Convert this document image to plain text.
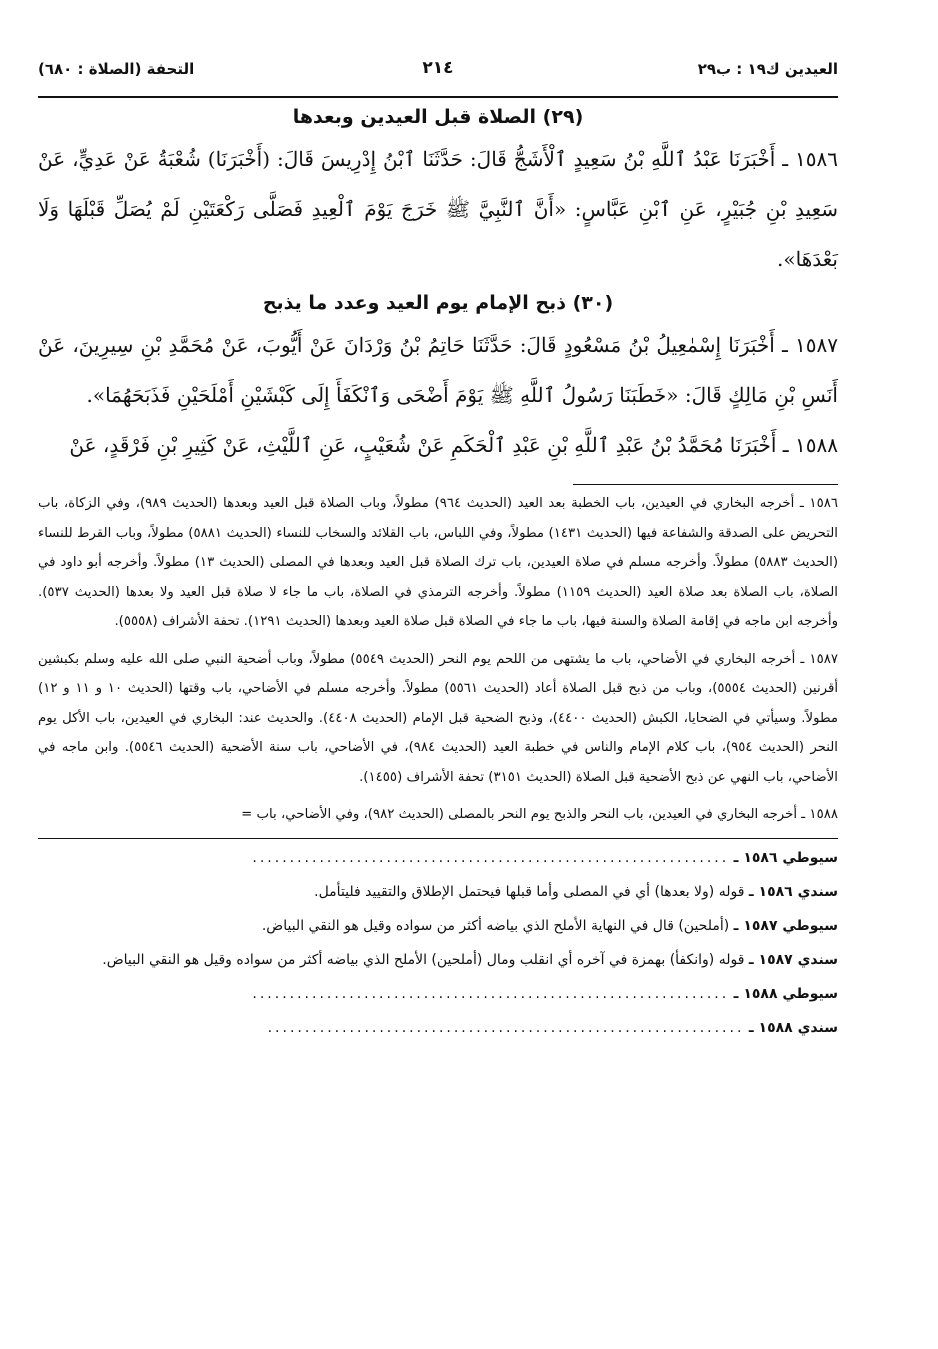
العيدين ك١٩ : ب٢٩
٢١٤
التحفة (الصلاة : ٦٨٠)
(٢٩) الصلاة قبل العيدين وبعدها

١٥٨٦ ـ أَخْبَرَنَا عَبْدُ ٱللَّهِ بْنُ سَعِيدٍ ٱلْأَشَجُّ قَالَ: حَدَّثَنَا ٱبْنُ إِدْرِيسَ قَالَ: (أَخْبَرَنَا) شُعْبَةُ عَنْ عَدِيٍّ، عَنْ سَعِيدِ بْنِ جُبَيْرٍ، عَنِ ٱبْنِ عَبَّاسٍ: «أَنَّ ٱلنَّبِيَّ ﷺ خَرَجَ يَوْمَ ٱلْعِيدِ فَصَلَّى رَكْعَتَيْنِ لَمْ يُصَلِّ قَبْلَهَا وَلَا بَعْدَهَا».

(٣٠) ذبح الإمام يوم العيد وعدد ما يذبح

١٥٨٧ ـ أَخْبَرَنَا إِسْمٰعِيلُ بْنُ مَسْعُودٍ قَالَ: حَدَّثَنَا حَاتِمُ بْنُ وَرْدَانَ عَنْ أَيُّوبَ، عَنْ مُحَمَّدِ بْنِ سِيرِينَ، عَنْ أَنَسِ بْنِ مَالِكٍ قَالَ: «خَطَبَنَا رَسُولُ ٱللَّهِ ﷺ يَوْمَ أَضْحَى وَٱنْكَفَأَ إِلَى كَبْشَيْنِ أَمْلَحَيْنِ فَذَبَحَهُمَا».

١٥٨٨ ـ أَخْبَرَنَا مُحَمَّدُ بْنُ عَبْدِ ٱللَّهِ بْنِ عَبْدِ ٱلْحَكَمِ عَنْ شُعَيْبٍ، عَنِ ٱللَّيْثِ، عَنْ كَثِيرِ بْنِ فَرْقَدٍ، عَنْ

١٥٨٦ ـ أخرجه البخاري في العيدين، باب الخطبة بعد العيد (الحديث ٩٦٤) مطولاً، وباب الصلاة قبل العيد وبعدها (الحديث ٩٨٩)، وفي الزكاة، باب التحريض على الصدقة والشفاعة فيها (الحديث ١٤٣١) مطولاً، وفي اللباس، باب القلائد والسخاب للنساء (الحديث ٥٨٨١) مطولاً، وباب القرط للنساء (الحديث ٥٨٨٣) مطولاً. وأخرجه مسلم في صلاة العيدين، باب ترك الصلاة قبل العيد وبعدها في المصلى (الحديث ١٣) مطولاً. وأخرجه أبو داود في الصلاة، باب الصلاة بعد صلاة العيد (الحديث ١١٥٩) مطولاً. وأخرجه الترمذي في الصلاة، باب ما جاء لا صلاة قبل العيد ولا بعدها (الحديث ٥٣٧). وأخرجه ابن ماجه في إقامة الصلاة والسنة فيها، باب ما جاء في الصلاة قبل صلاة العيد وبعدها (الحديث ١٢٩١). تحفة الأشراف (٥٥٥٨).

١٥٨٧ ـ أخرجه البخاري في الأضاحي، باب ما يشتهى من اللحم يوم النحر (الحديث ٥٥٤٩) مطولاً، وباب أضحية النبي صلى الله عليه وسلم بكبشين أقرنين (الحديث ٥٥٥٤)، وباب من ذبح قبل الصلاة أعاد (الحديث ٥٥٦١) مطولاً. وأخرجه مسلم في الأضاحي، باب وقتها (الحديث ١٠ و ١١ و ١٢) مطولاً. وسيأتي في الضحايا، الكبش (الحديث ٤٤٠٠)، وذبح الضحية قبل الإمام (الحديث ٤٤٠٨). والحديث عند: البخاري في العيدين، باب الأكل يوم النحر (الحديث ٩٥٤)، باب كلام الإمام والناس في خطبة العيد (الحديث ٩٨٤)، في الأضاحي، باب سنة الأضحية (الحديث ٥٥٤٦). وابن ماجه في الأضاحي، باب النهي عن ذبح الأضحية قبل الصلاة (الحديث ٣١٥١) تحفة الأشراف (١٤٥٥).

١٥٨٨ ـ أخرجه البخاري في العيدين، باب النحر والذبح يوم النحر بالمصلى (الحديث ٩٨٢)، وفي الأضاحي، باب =

سيوطي ١٥٨٦ ـ ................................................................
سندي ١٥٨٦ ـ قوله (ولا بعدها) أي في المصلى وأما قبلها فيحتمل الإطلاق والتقييد فليتأمل.
سيوطي ١٥٨٧ ـ (أملحين) قال في النهاية الأملح الذي بياضه أكثر من سواده وقيل هو النقي البياض.
سندي ١٥٨٧ ـ قوله (وانكفأ) بهمزة في آخره أي انقلب ومال (أملحين) الأملح الذي بياضه أكثر من سواده وقيل هو النقي البياض.
سيوطي ١٥٨٨ ـ ................................................................
سندي ١٥٨٨ ـ ................................................................
